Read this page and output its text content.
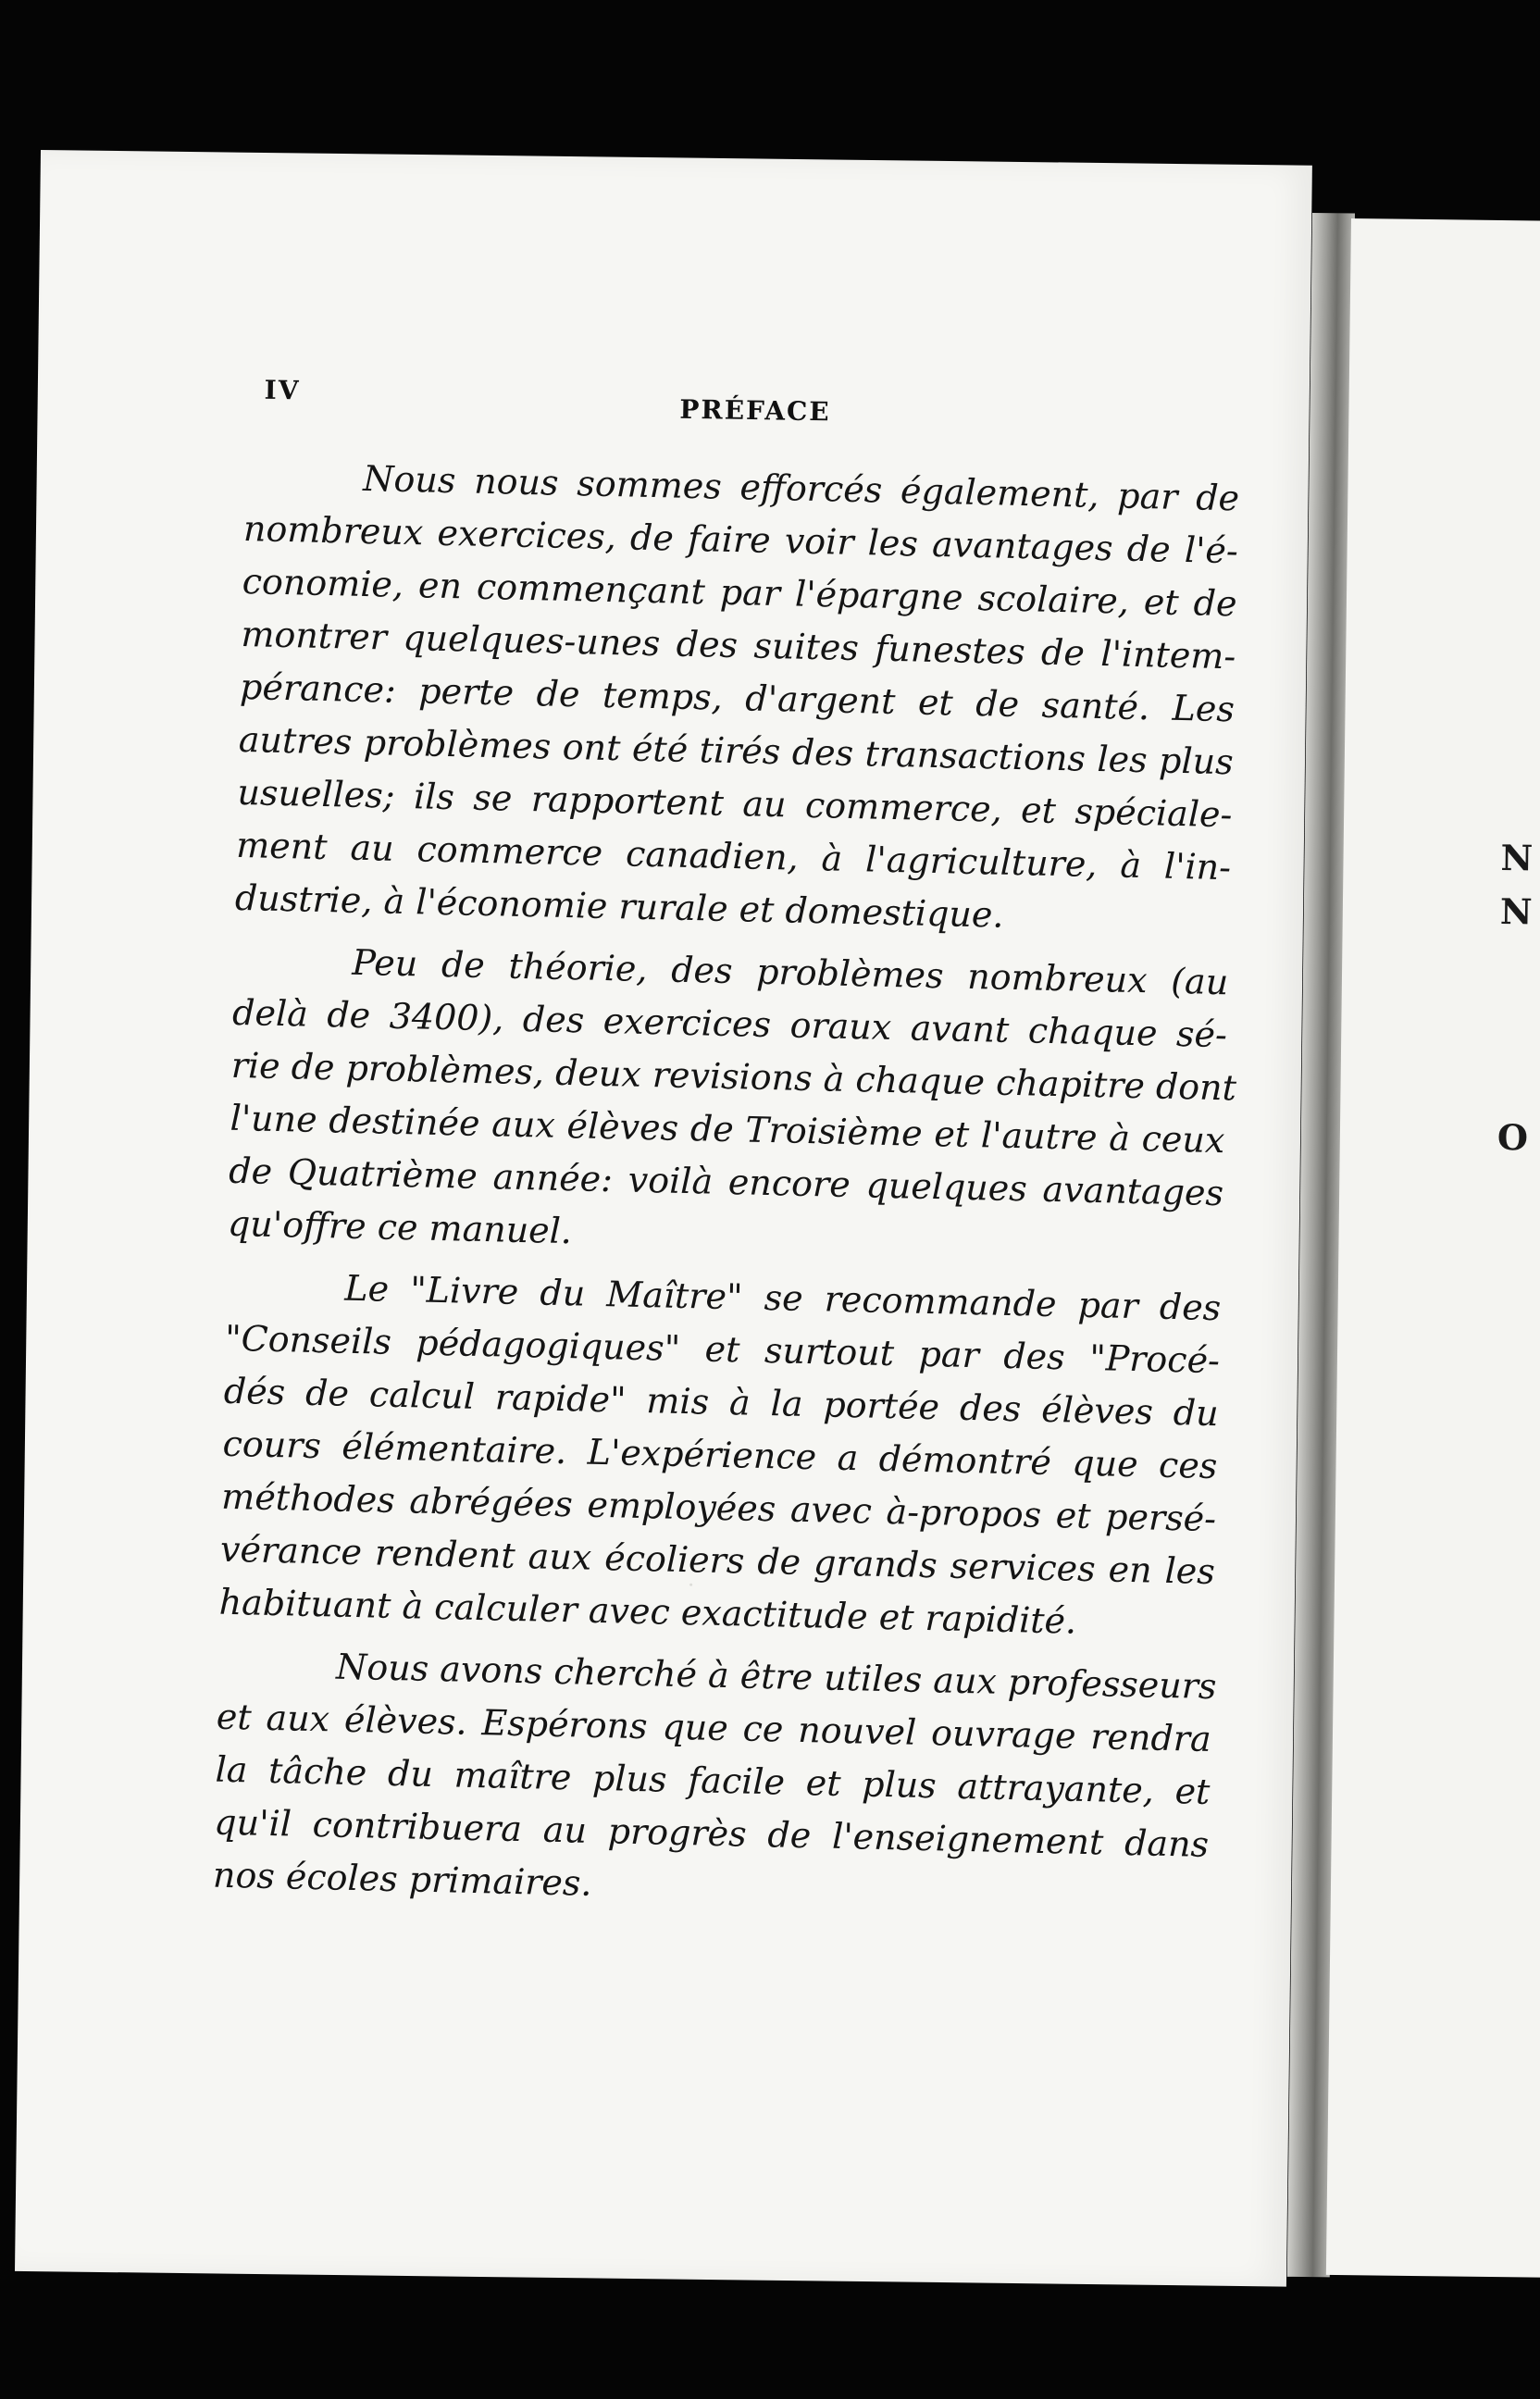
N
N
O
IV
PRÉFACE

Nous nous sommes efforcés également, par de
nombreux exercices, de faire voir les avantages de l'é-
conomie, en commençant par l'épargne scolaire, et de
montrer quelques-unes des suites funestes de l'intem-
pérance: perte de temps, d'argent et de santé. Les
autres problèmes ont été tirés des transactions les plus
usuelles; ils se rapportent au commerce, et spéciale-
ment au commerce canadien, à l'agriculture, à l'in-
dustrie, à l'économie rurale et domestique.

Peu de théorie, des problèmes nombreux (au
delà de 3400), des exercices oraux avant chaque sé-
rie de problèmes, deux revisions à chaque chapitre dont
l'une destinée aux élèves de Troisième et l'autre à ceux
de Quatrième année: voilà encore quelques avantages
qu'offre ce manuel.

Le "Livre du Maître" se recommande par des
"Conseils pédagogiques" et surtout par des "Procé-
dés de calcul rapide" mis à la portée des élèves du
cours élémentaire. L'expérience a démontré que ces
méthodes abrégées employées avec à-propos et persé-
vérance rendent aux écoliers de grands services en les
habituant à calculer avec exactitude et rapidité.

Nous avons cherché à être utiles aux professeurs
et aux élèves. Espérons que ce nouvel ouvrage rendra
la tâche du maître plus facile et plus attrayante, et
qu'il contribuera au progrès de l'enseignement dans
nos écoles primaires.
